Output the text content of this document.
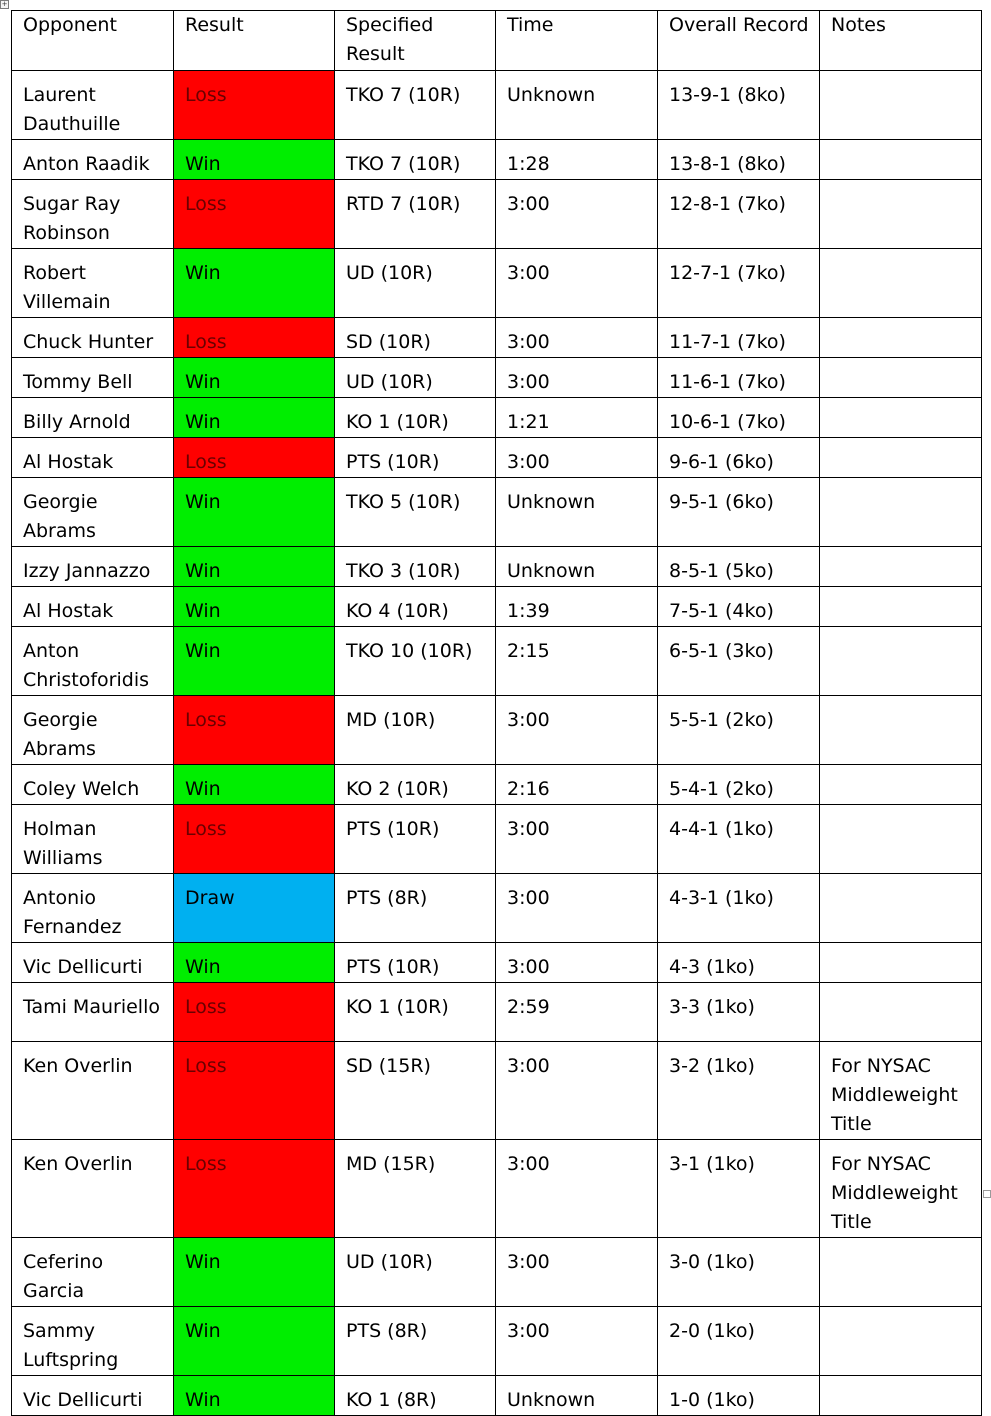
+
Opponent	Result	Specified Result	Time	Overall Record	Notes
Laurent Dauthuille	Loss	TKO 7 (10R)	Unknown	13-9-1 (8ko)	
Anton Raadik	Win	TKO 7 (10R)	1:28	13-8-1 (8ko)	
Sugar Ray Robinson	Loss	RTD 7 (10R)	3:00	12-8-1 (7ko)	
Robert Villemain	Win	UD (10R)	3:00	12-7-1 (7ko)	
Chuck Hunter	Loss	SD (10R)	3:00	11-7-1 (7ko)	
Tommy Bell	Win	UD (10R)	3:00	11-6-1 (7ko)	
Billy Arnold	Win	KO 1 (10R)	1:21	10-6-1 (7ko)	
Al Hostak	Loss	PTS (10R)	3:00	9-6-1 (6ko)	
Georgie Abrams	Win	TKO 5 (10R)	Unknown	9-5-1 (6ko)	
Izzy Jannazzo	Win	TKO 3 (10R)	Unknown	8-5-1 (5ko)	
Al Hostak	Win	KO 4 (10R)	1:39	7-5-1 (4ko)	
Anton Christoforidis	Win	TKO 10 (10R)	2:15	6-5-1 (3ko)	
Georgie Abrams	Loss	MD (10R)	3:00	5-5-1 (2ko)	
Coley Welch	Win	KO 2 (10R)	2:16	5-4-1 (2ko)	
Holman Williams	Loss	PTS (10R)	3:00	4-4-1 (1ko)	
Antonio Fernandez	Draw	PTS (8R)	3:00	4-3-1 (1ko)	
Vic Dellicurti	Win	PTS (10R)	3:00	4-3 (1ko)	
Tami Mauriello	Loss	KO 1 (10R)	2:59	3-3 (1ko)	
Ken Overlin	Loss	SD (15R)	3:00	3-2 (1ko)	For NYSAC Middleweight Title
Ken Overlin	Loss	MD (15R)	3:00	3-1 (1ko)	For NYSAC Middleweight Title
Ceferino Garcia	Win	UD (10R)	3:00	3-0 (1ko)	
Sammy Luftspring	Win	PTS (8R)	3:00	2-0 (1ko)	
Vic Dellicurti	Win	KO 1 (8R)	Unknown	1-0 (1ko)	
